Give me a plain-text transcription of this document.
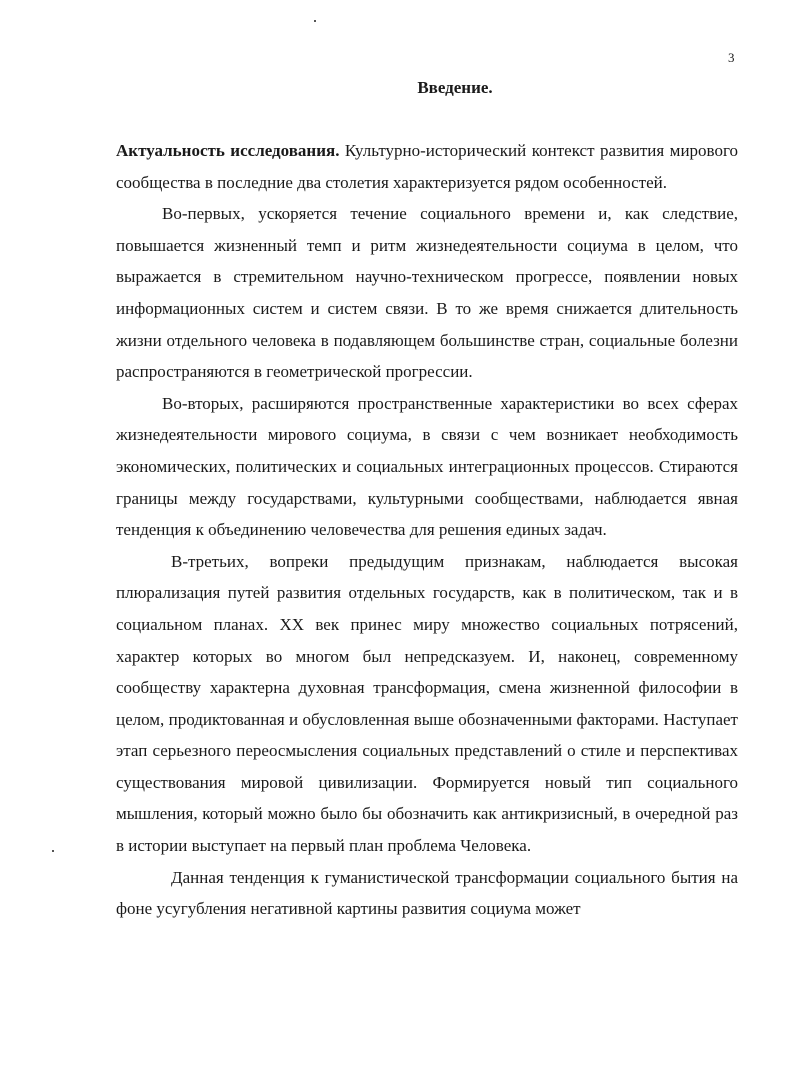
3
Введение.

Актуальность исследования. Культурно-исторический контекст развития мирового сообщества в последние два столетия характеризуется рядом особенностей.

Во-первых, ускоряется течение социального времени и, как следствие, повышается жизненный темп и ритм жизнедеятельности социума в целом, что выражается в стремительном научно-техническом прогрессе, появлении новых информационных систем и систем связи. В то же время снижается длительность жизни отдельного человека в подавляющем большинстве стран, социальные болезни распространяются в геометрической прогрессии.

Во-вторых, расширяются пространственные характеристики во всех сферах жизнедеятельности мирового социума, в связи с чем возникает необходимость экономических, политических и социальных интеграционных процессов. Стираются границы между государствами, культурными сообществами, наблюдается явная тенденция к объединению человечества для решения единых задач.

В-третьих, вопреки предыдущим признакам, наблюдается высокая плюрализация путей развития отдельных государств, как в политическом, так и в социальном планах. XX век принес миру множество социальных потрясений, характер которых во многом был непредсказуем. И, наконец, современному сообществу характерна духовная трансформация, смена жизненной философии в целом, продиктованная и обусловленная выше обозначенными факторами. Наступает этап серьезного переосмысления социальных представлений о стиле и перспективах существования мировой цивилизации. Формируется новый тип социального мышления, который можно было бы обозначить как антикризисный, в очередной раз в истории выступает на первый план проблема Человека.

Данная тенденция к гуманистической трансформации социального бытия на фоне усугубления негативной картины развития социума может
